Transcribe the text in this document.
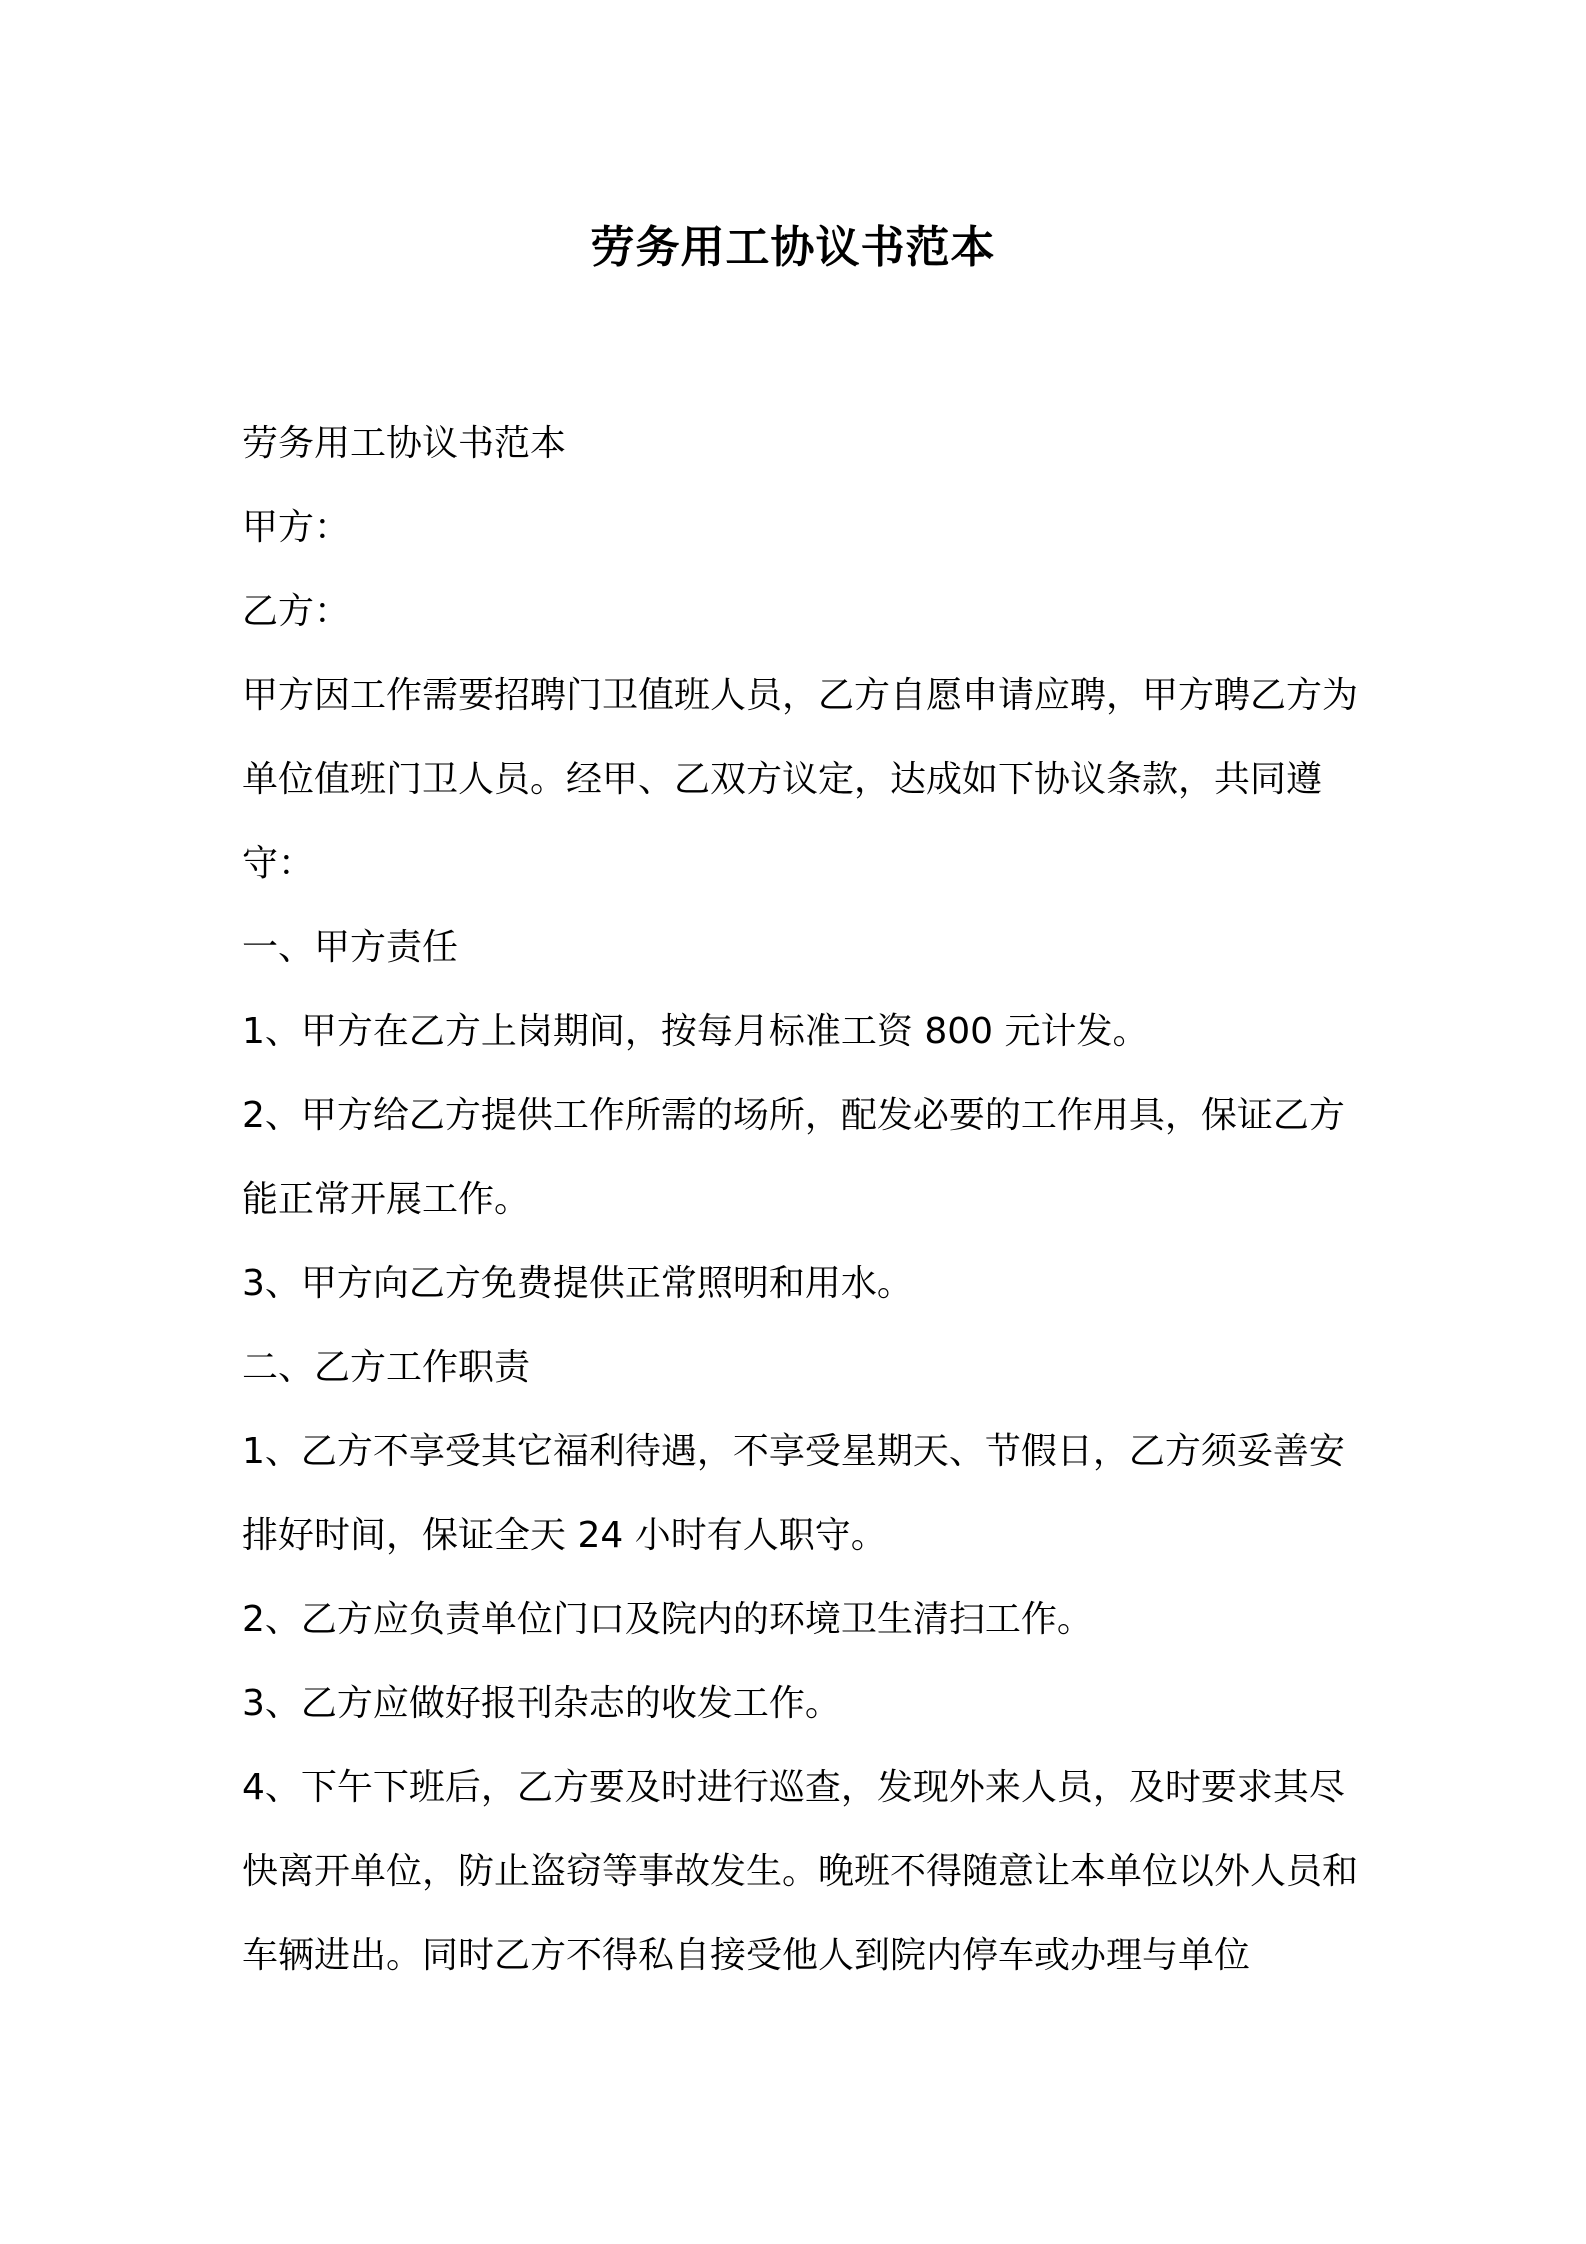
劳务用工协议书范本

劳务用工协议书范本

甲方：

乙方：

甲方因工作需要招聘门卫值班人员，乙方自愿申请应聘，甲方聘乙方为单位值班门卫人员。经甲、乙双方议定，达成如下协议条款，共同遵守：

一、甲方责任

1、甲方在乙方上岗期间，按每月标准工资 800 元计发。

2、甲方给乙方提供工作所需的场所，配发必要的工作用具，保证乙方能正常开展工作。

3、甲方向乙方免费提供正常照明和用水。

二、乙方工作职责

1、乙方不享受其它福利待遇，不享受星期天、节假日，乙方须妥善安排好时间，保证全天 24 小时有人职守。

2、乙方应负责单位门口及院内的环境卫生清扫工作。

3、乙方应做好报刊杂志的收发工作。

4、下午下班后，乙方要及时进行巡查，发现外来人员，及时要求其尽快离开单位，防止盗窃等事故发生。晚班不得随意让本单位以外人员和车辆进出。同时乙方不得私自接受他人到院内停车或办理与单位
